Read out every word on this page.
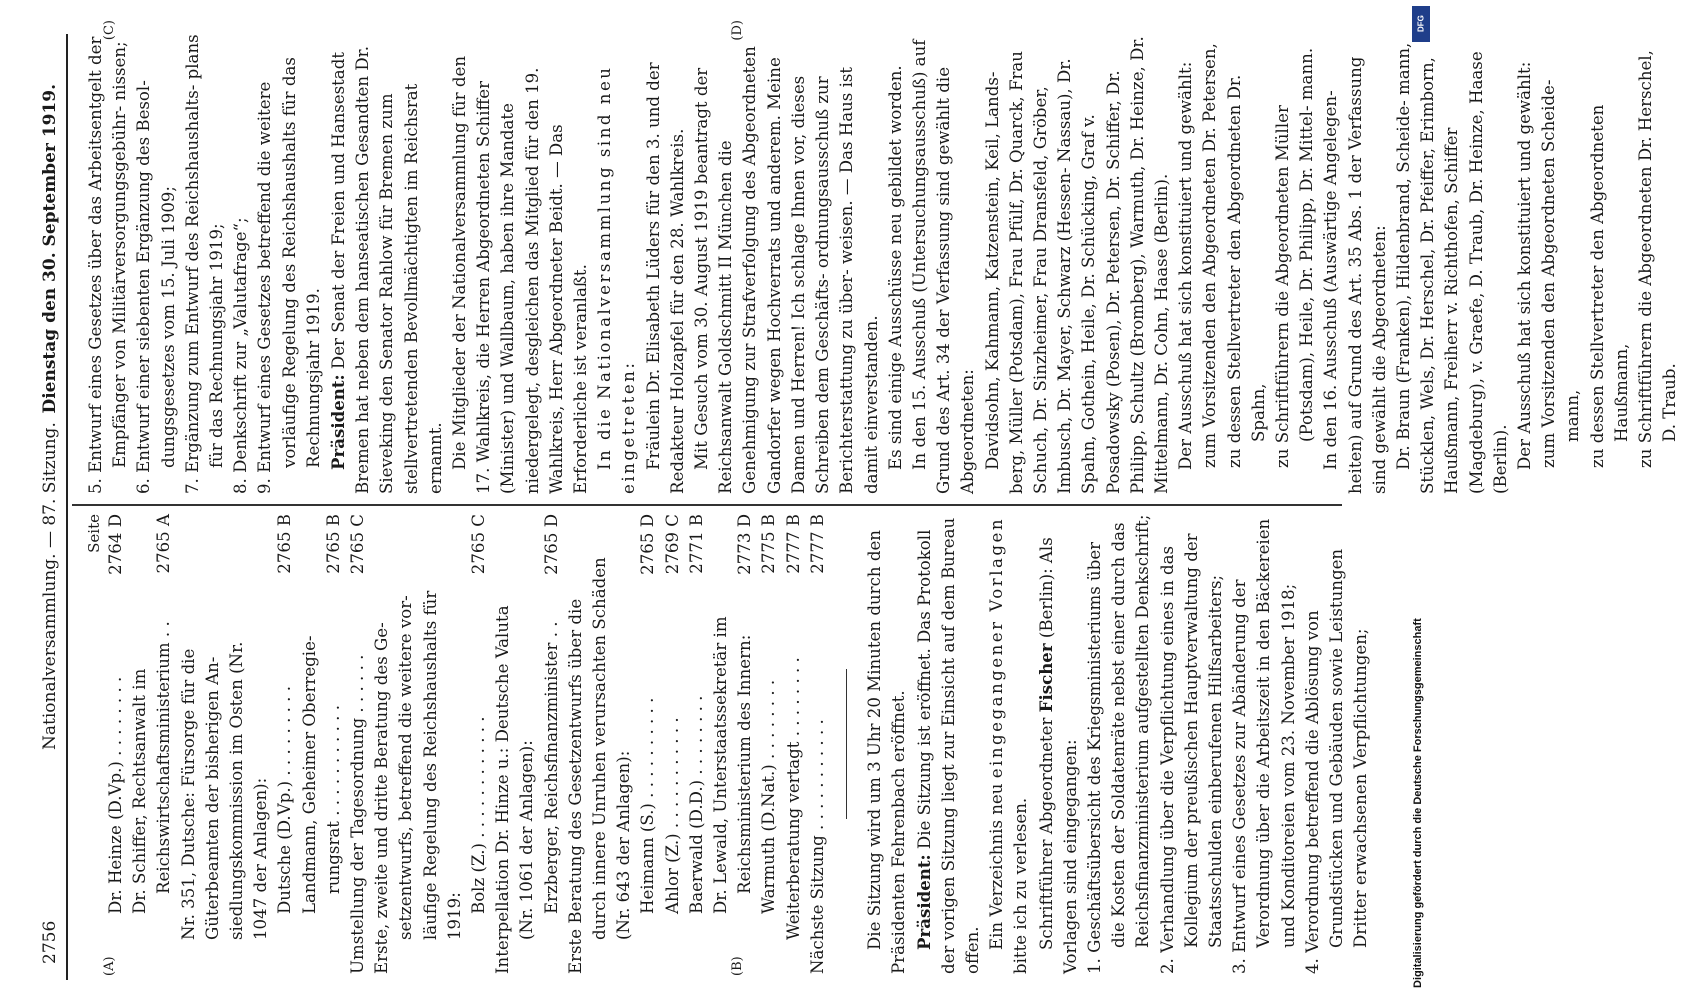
2756
Nationalversammlung. — 87. Sitzung.
Dienstag den 30. September 1919.
(A)	(B)
Seite
Dr. Heinze (D.Vp.) . . . . . . . .
2764 D
Dr. Schiffer, Rechtsanwalt im Reichswirtschaftsministerium . .
2765 A
Nr. 351, Dutsche: Fürsorge für die Güterbeamten der bisherigen An- siedlungskommission im Osten (Nr. 1047 der Anlagen): Dutsche (D.Vp.) . . . . . . . . .
2765 B
Landmann, Geheimer Oberregie- rungsrat . . . . . . . . . . .
2765 B
Umstellung der Tagesordnung . . . . . .
2765 C
Erste, zweite und dritte Beratung des Ge- setzentwurfs, betreffend die weitere vor- läufige Regelung des Reichshaushalts für 1919:
Bolz (Z.) . . . . . . . . . . . .
2765 C
Interpellation Dr. Hinze u.: Deutsche Valuta (Nr. 1061 der Anlagen): Erzberger, Reichsfinanzminister . .
2765 D
Erste Beratung des Gesetzentwurfs über die durch innere Unruhen verursachten Schäden (Nr. 643 der Anlagen): Heimann (S.) . . . . . . . . . .
2765 D
Ahlor (Z.) . . . . . . . . . . .
2769 C
Baerwald (D.D.) . . . . . . . .
2771 B
Dr. Lewald, Unterstaatssekretär im Reichsministerium des Innern:
2773 D
Warmuth (D.Nat.) . . . . . . . .
2775 B
Weiterberatung vertagt . . . . . . . .
2777 B
Nächste Sitzung . . . . . . . . . . .
2777 B Die Sitzung wird um 3 Uhr 20 Minuten durch den Präsidenten Fehrenbach eröffnet. Präsident: Die Sitzung ist eröffnet. Das Protokoll der vorigen Sitzung liegt zur Einsicht auf dem Bureau offen.

Ein Verzeichnis neu eingegangener Vorlagen bitte ich zu verlesen. Schriftführer Abgeordneter Fischer (Berlin): Als Vorlagen sind eingegangen: 1. Geschäftsübersicht des Kriegsministeriums über die Kosten der Soldatenräte nebst einer durch das Reichsfinanzministerium aufgestellten Denkschrift;

2. Verhandlung über die Verpflichtung eines in das Kollegium der preußischen Hauptverwaltung der Staatsschulden einberufenen Hilfsarbeiters;

3. Entwurf eines Gesetzes zur Abänderung der Verordnung über die Arbeitszeit in den Bäckereien und Konditoreien vom 23. November 1918;

4. Verordnung betreffend die Ablösung von Grundstücken und Gebäuden sowie Leistungen Dritter erwachsenen Verpflichtungen;

5. Entwurf eines Gesetzes über das Arbeitsentgelt der Empfänger von Militärversorgungsgebühr- nissen;

6. Entwurf einer siebenten Ergänzung des Besol- dungsgesetzes vom 15. Juli 1909;

7. Ergänzung zum Entwurf des Reichshaushalts- plans für das Rechnungsjahr 1919;

8. Denkschrift zur „Valutafrage“;

9. Entwurf eines Gesetzes betreffend die weitere vorläufige Regelung des Reichshaushalts für das Rechnungsjahr 1919. Präsident: Der Senat der Freien und Hansestadt Bremen hat neben dem hanseatischen Gesandten Dr. Sieveking den Senator Rahlow für Bremen zum stellvertretenden Bevollmächtigten im Reichsrat ernannt. Die Mitglieder der Nationalversammlung für den 17. Wahlkreis, die Herren Abgeordneten Schiffer (Minister) und Wallbaum, haben ihre Mandate niedergelegt, desgleichen das Mitglied für den 19. Wahlkreis, Herr Abgeordneter Beidt. — Das Erforderliche ist veranlaßt. In die Nationalversammlung sind neu eingetreten: Fräulein Dr. Elisabeth Lüders für den 3. und der Redakteur Holzapfel für den 28. Wahlkreis. Mit Gesuch vom 30. August 1919 beantragt der Reichsanwalt Goldschmitt II München die Genehmigung zur Strafverfolgung des Abgeordneten Gandorfer wegen Hochverrats und anderem. Meine Damen und Herren! Ich schlage Ihnen vor, dieses Schreiben dem Geschäfts- ordnungsausschuß zur Berichterstattung zu über- weisen. — Das Haus ist damit einverstanden. Es sind einige Ausschüsse neu gebildet worden. In den 15. Ausschuß (Untersuchungsausschuß) auf Grund des Art. 34 der Verfassung sind gewählt die Abgeordneten: Davidsohn, Kahmann, Katzenstein, Keil, Lands- berg, Müller (Potsdam), Frau Pfülf, Dr. Quarck, Frau Schuch, Dr. Sinzheimer, Frau Dransfeld, Gröber, Imbusch, Dr. Mayer, Schwarz (Hessen- Nassau), Dr. Spahn, Gothein, Heile, Dr. Schücking, Graf v. Posadowsky (Posen), Dr. Petersen, Dr. Schiffer, Dr. Philipp, Schultz (Bromberg), Warmuth, Dr. Heinze, Dr. Mittelmann, Dr. Cohn, Haase (Berlin). Der Ausschuß hat sich konstituiert und gewählt: zum Vorsitzenden den Abgeordneten Dr. Petersen, zu dessen Stellvertreter den Abgeordneten Dr. Spahn, zu Schriftführern die Abgeordneten Müller (Potsdam), Heile, Dr. Philipp, Dr. Mittel- mann. In den 16. Ausschuß (Auswärtige Angelegen- heiten) auf Grund des Art. 35 Abs. 1 der Verfassung sind gewählt die Abgeordneten: Dr. Braun (Franken), Hildenbrand, Scheide- mann, Stücklen, Wels, Dr. Herschel, Dr. Pfeiffer, Erimborn, Haußmann, Freiherr v. Richthofen, Schiffer (Magdeburg), v. Graefe, D. Traub, Dr. Heinze, Haase (Berlin). Der Ausschuß hat sich konstituiert und gewählt: zum Vorsitzenden den Abgeordneten Scheide- mann, zu dessen Stellvertreter den Abgeordneten Haußmann, zu Schriftführern die Abgeordneten Dr. Herschel, D. Traub.

(C)	(D)	DFG
Digitalisierung gefördert durch die Deutsche Forschungsgemeinschaft
